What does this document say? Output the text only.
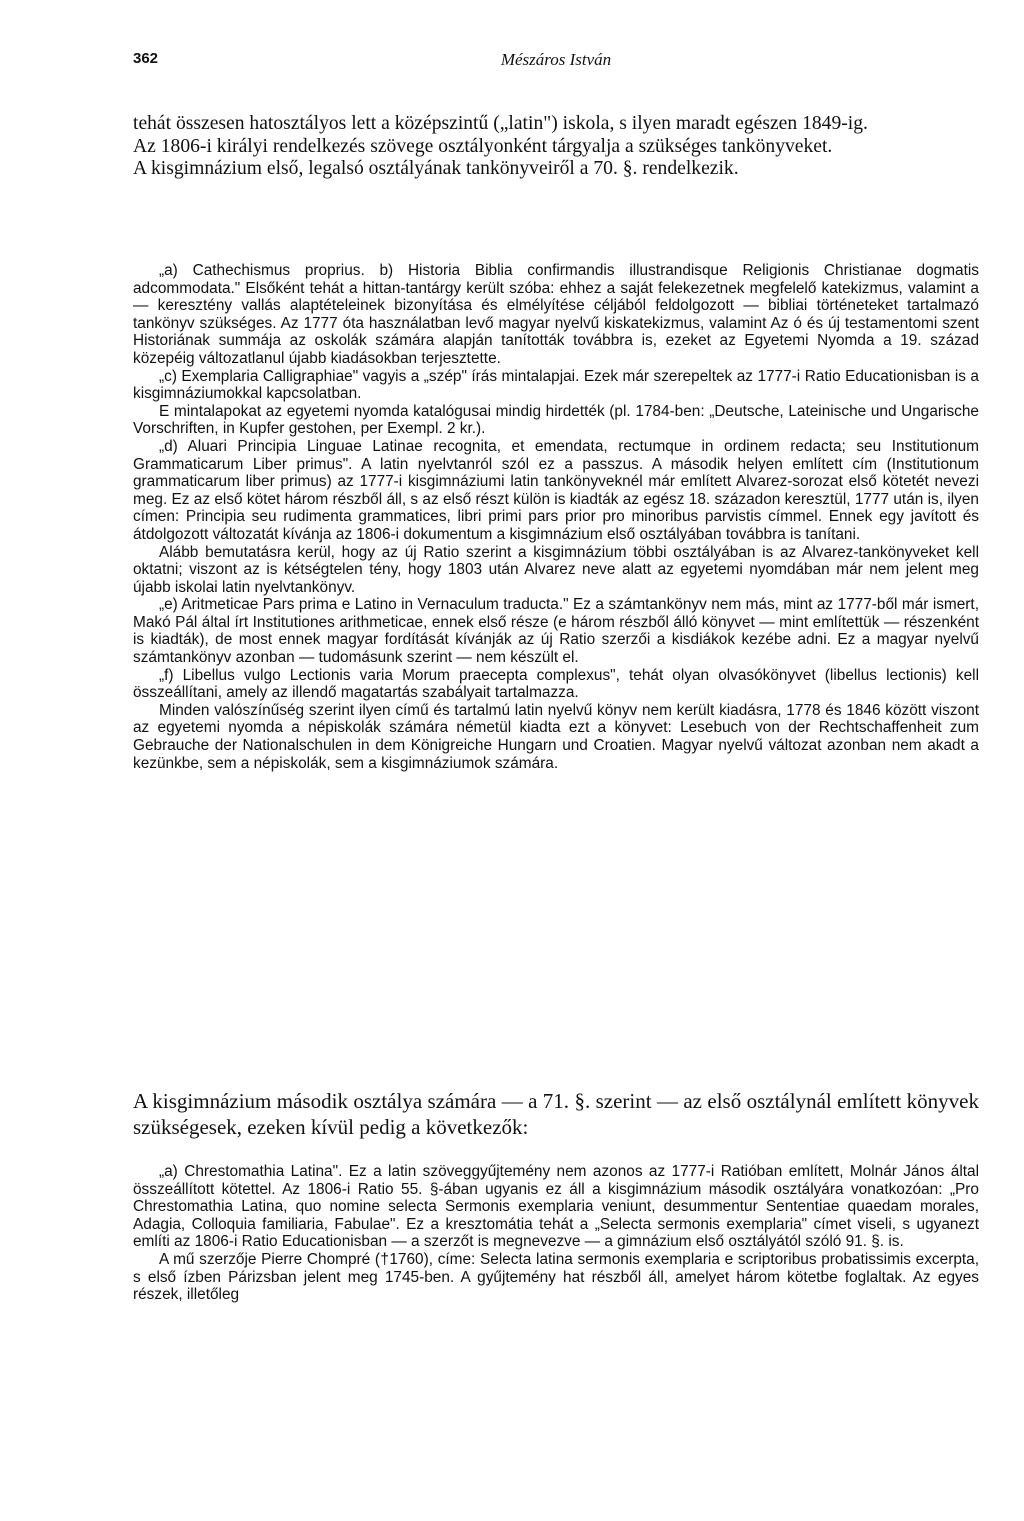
362	Mészáros István

tehát összesen hatosztályos lett a középszintű („latin") iskola, s ilyen maradt egészen 1849-ig.

Az 1806-i királyi rendelkezés szövege osztályonként tárgyalja a szükséges tankönyveket.

A kisgimnázium első, legalsó osztályának tankönyveiről a 70. §. rendelkezik.

„a) Cathechismus proprius. b) Historia Biblia confirmandis illustrandisque Religionis Christianae dogmatis adcommodata." Elsőként tehát a hittan-tantárgy került szóba: ehhez a saját felekezetnek megfelelő katekizmus, valamint a — keresztény vallás alaptételeinek bizonyítása és elmélyítése céljából feldolgozott — bibliai történeteket tartalmazó tankönyv szükséges. Az 1777 óta használatban levő magyar nyelvű kiskatekizmus, valamint Az ó és új testamentomi szent Historiának summája az oskolák számára alapján tanították továbbra is, ezeket az Egyetemi Nyomda a 19. század közepéig változatlanul újabb kiadásokban terjesztette.

„c) Exemplaria Calligraphiae" vagyis a „szép" írás mintalapjai. Ezek már szerepeltek az 1777-i Ratio Educationisban is a kisgimnáziumokkal kapcsolatban.

E mintalapokat az egyetemi nyomda katalógusai mindig hirdették (pl. 1784-ben: „Deutsche, Lateinische und Ungarische Vorschriften, in Kupfer gestohen, per Exempl. 2 kr.).

„d) Aluari Principia Linguae Latinae recognita, et emendata, rectumque in ordinem redacta; seu Institutionum Grammaticarum Liber primus". A latin nyelvtanról szól ez a passzus. A második helyen említett cím (Institutionum grammaticarum liber primus) az 1777-i kisgimnáziumi latin tankönyveknél már említett Alvarez-sorozat első kötetét nevezi meg. Ez az első kötet három részből áll, s az első részt külön is kiadták az egész 18. századon keresztül, 1777 után is, ilyen címen: Principia seu rudimenta grammatices, libri primi pars prior pro minoribus parvistis címmel. Ennek egy javított és átdolgozott változatát kívánja az 1806-i dokumentum a kisgimnázium első osztályában továbbra is tanítani.

Alább bemutatásra kerül, hogy az új Ratio szerint a kisgimnázium többi osztályában is az Alvarez-tankönyveket kell oktatni; viszont az is kétségtelen tény, hogy 1803 után Alvarez neve alatt az egyetemi nyomdában már nem jelent meg újabb iskolai latin nyelvtankönyv.

„e) Aritmeticae Pars prima e Latino in Vernaculum traducta." Ez a számtankönyv nem más, mint az 1777-ből már ismert, Makó Pál által írt Institutiones arithmeticae, ennek első része (e három részből álló könyvet — mint említettük — részenként is kiadták), de most ennek magyar fordítását kívánják az új Ratio szerzői a kisdiákok kezébe adni. Ez a magyar nyelvű számtankönyv azonban — tudomásunk szerint — nem készült el.

„f) Libellus vulgo Lectionis varia Morum praecepta complexus", tehát olyan olvasókönyvet (libellus lectionis) kell összeállítani, amely az illendő magatartás szabályait tartalmazza.

Minden valószínűség szerint ilyen című és tartalmú latin nyelvű könyv nem került kiadásra, 1778 és 1846 között viszont az egyetemi nyomda a népiskolák számára németül kiadta ezt a könyvet: Lesebuch von der Rechtschaffenheit zum Gebrauche der Nationalschulen in dem Königreiche Hungarn und Croatien. Magyar nyelvű változat azonban nem akadt a kezünkbe, sem a népiskolák, sem a kisgimnáziumok számára.

A kisgimnázium második osztálya számára — a 71. §. szerint — az első osztálynál említett könyvek szükségesek, ezeken kívül pedig a következők:

„a) Chrestomathia Latina". Ez a latin szöveggyűjtemény nem azonos az 1777-i Ratióban említett, Molnár János által összeállított kötettel. Az 1806-i Ratio 55. §-ában ugyanis ez áll a kisgimnázium második osztályára vonatkozóan: „Pro Chrestomathia Latina, quo nomine selecta Sermonis exemplaria veniunt, desummentur Sententiae quaedam morales, Adagia, Colloquia familiaria, Fabulae". Ez a kresztomátia tehát a „Selecta sermonis exemplaria" címet viseli, s ugyanezt említi az 1806-i Ratio Educationisban — a szerzőt is megnevezve — a gimnázium első osztályától szóló 91. §. is.

A mű szerzője Pierre Chompré (†1760), címe: Selecta latina sermonis exemplaria e scriptoribus probatissimis excerpta, s első ízben Párizsban jelent meg 1745-ben. A gyűjtemény hat részből áll, amelyet három kötetbe foglaltak. Az egyes részek, illetőleg
